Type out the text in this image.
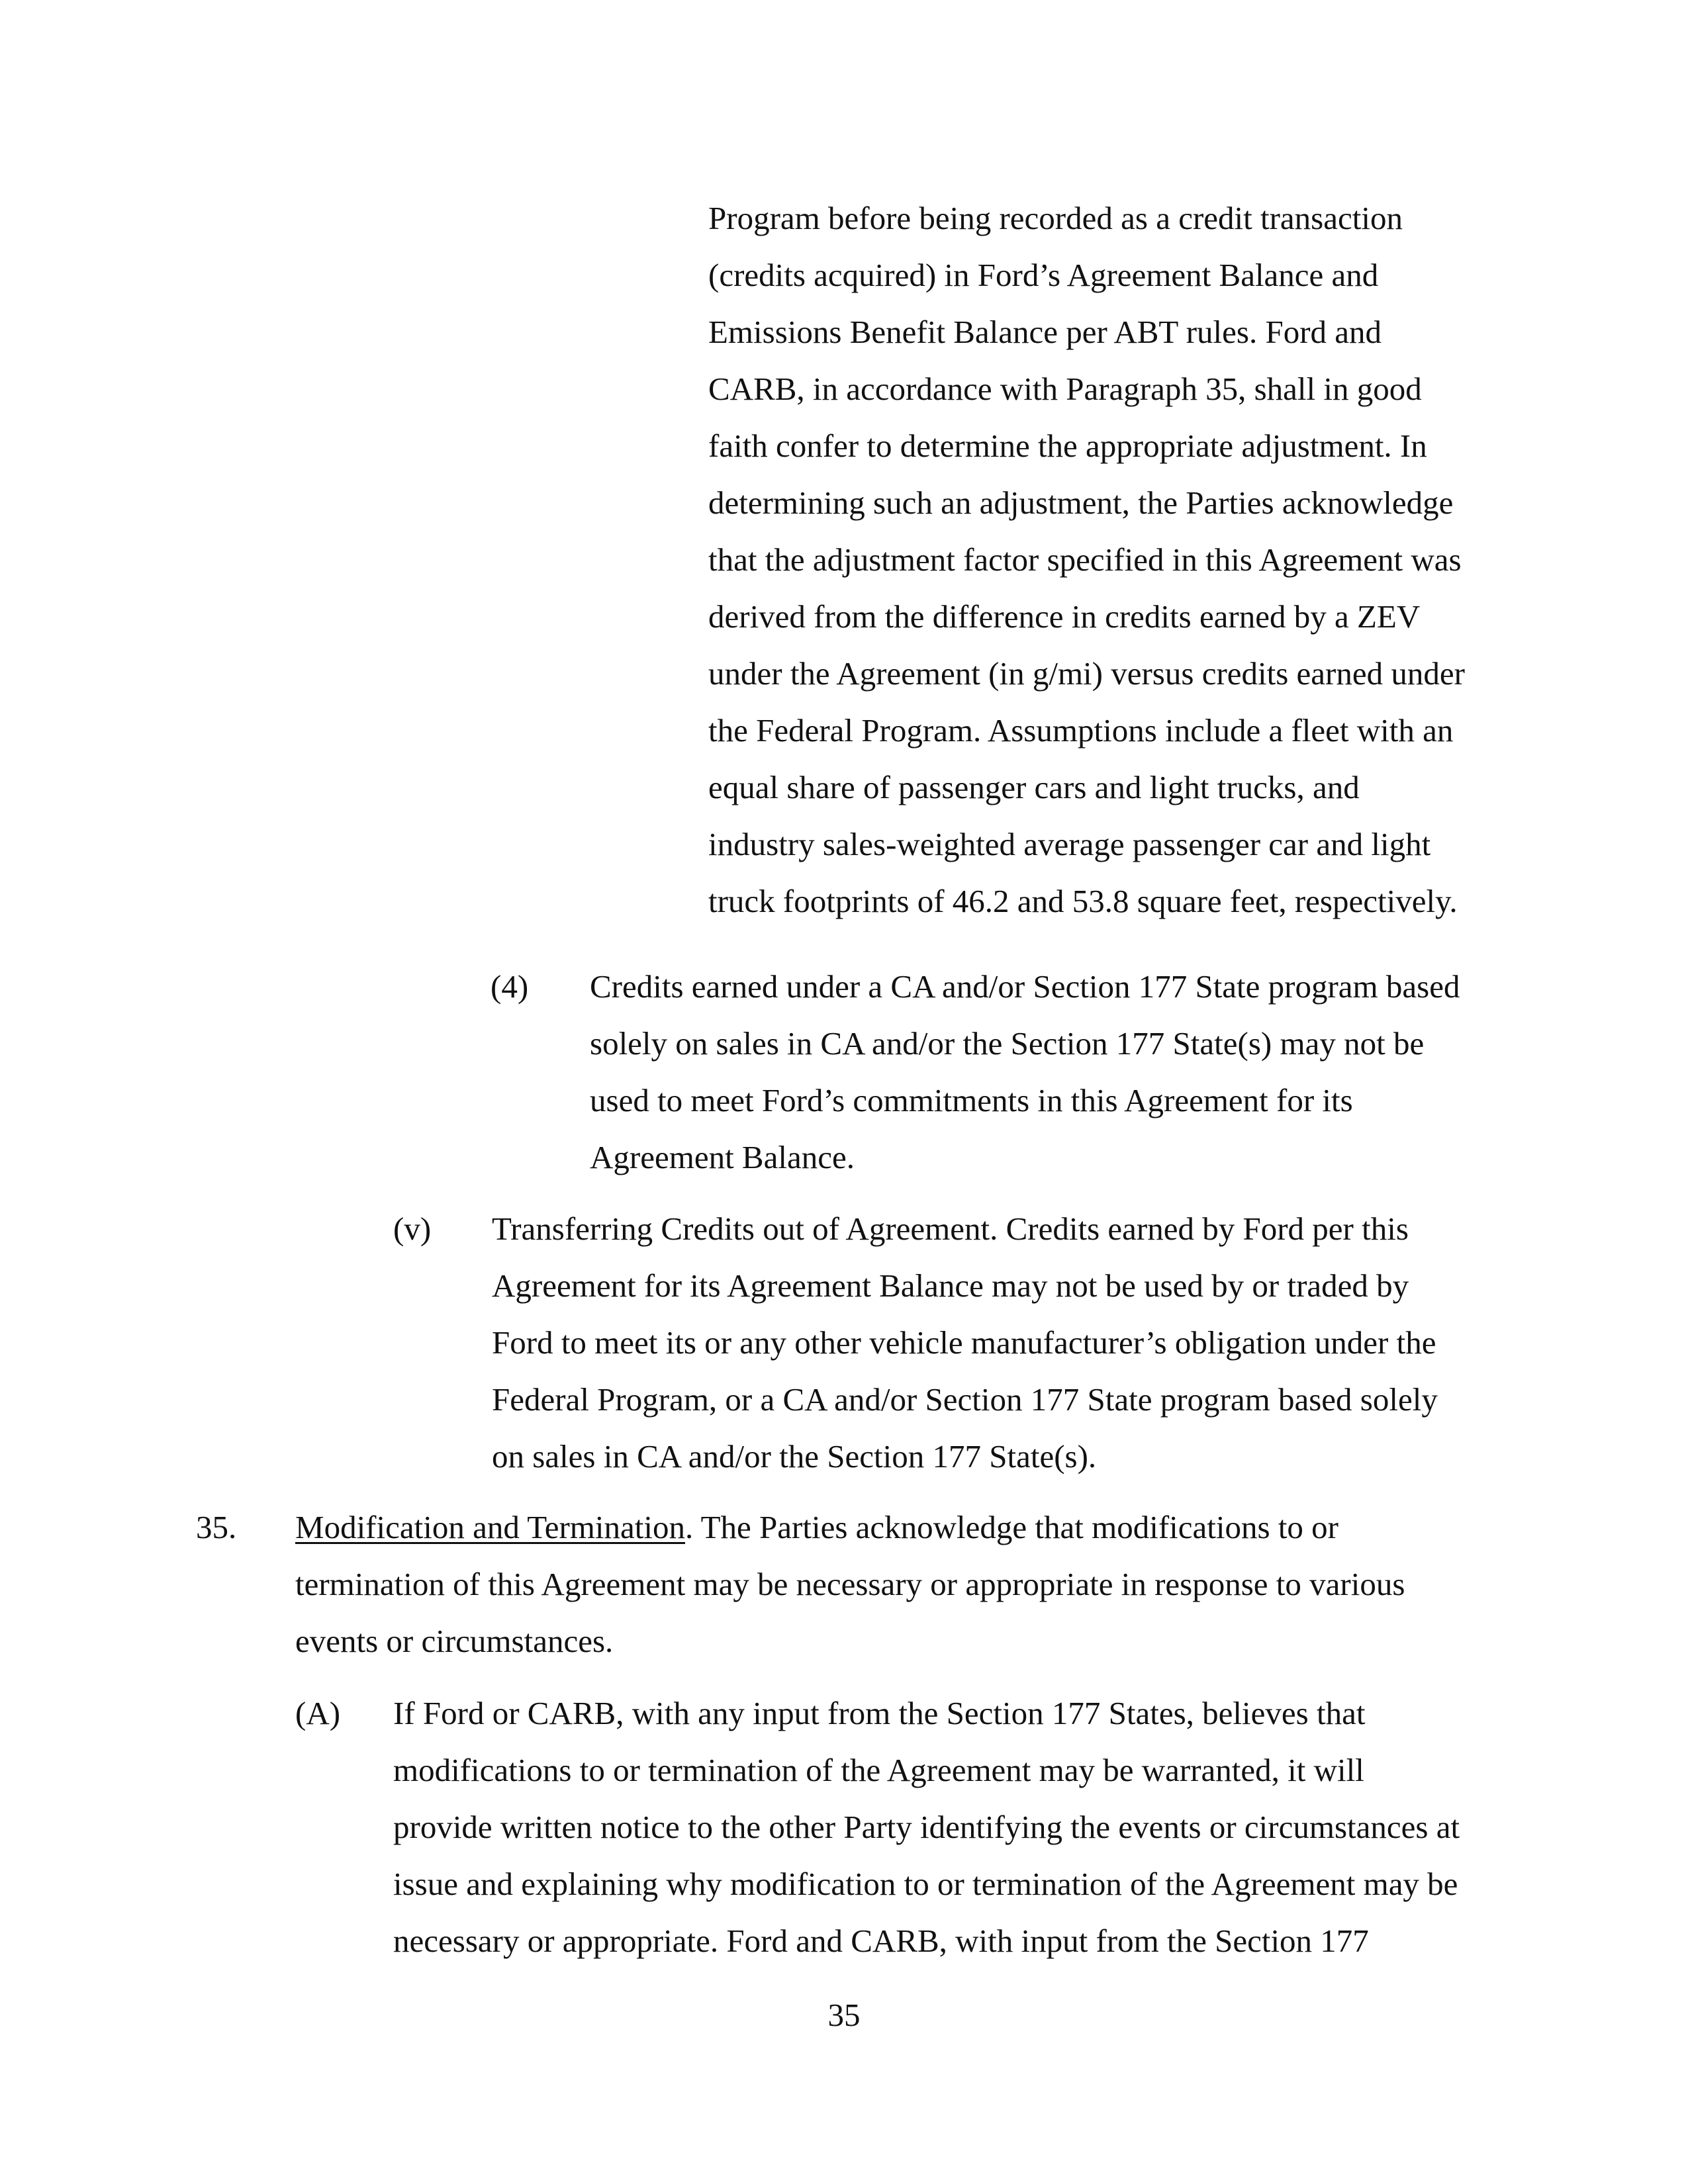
Program before being recorded as a credit transaction

(credits acquired) in Ford’s Agreement Balance and

Emissions Benefit Balance per ABT rules. Ford and

CARB, in accordance with Paragraph 35, shall in good

faith confer to determine the appropriate adjustment. In

determining such an adjustment, the Parties acknowledge

that the adjustment factor specified in this Agreement was

derived from the difference in credits earned by a ZEV

under the Agreement (in g/mi) versus credits earned under

the Federal Program. Assumptions include a fleet with an

equal share of passenger cars and light trucks, and

industry sales-weighted average passenger car and light

truck footprints of 46.2 and 53.8 square feet, respectively.

(4) Credits earned under a CA and/or Section 177 State program based

solely on sales in CA and/or the Section 177 State(s) may not be

used to meet Ford’s commitments in this Agreement for its

Agreement Balance.

(v) Transferring Credits out of Agreement. Credits earned by Ford per this

Agreement for its Agreement Balance may not be used by or traded by

Ford to meet its or any other vehicle manufacturer’s obligation under the

Federal Program, or a CA and/or Section 177 State program based solely

on sales in CA and/or the Section 177 State(s).

35. Modification and Termination. The Parties acknowledge that modifications to or

termination of this Agreement may be necessary or appropriate in response to various

events or circumstances.

(A) If Ford or CARB, with any input from the Section 177 States, believes that

modifications to or termination of the Agreement may be warranted, it will

provide written notice to the other Party identifying the events or circumstances at

issue and explaining why modification to or termination of the Agreement may be

necessary or appropriate. Ford and CARB, with input from the Section 177

35
